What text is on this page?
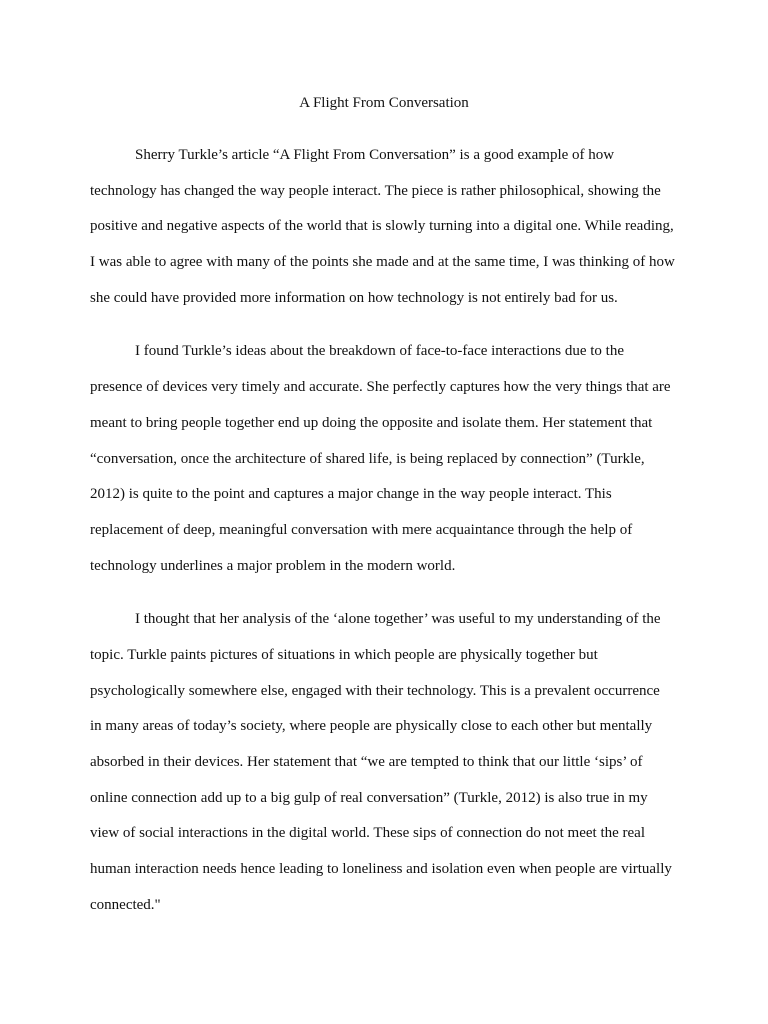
A Flight From Conversation
Sherry Turkle’s article “A Flight From Conversation” is a good example of how
technology has changed the way people interact. The piece is rather philosophical, showing the
positive and negative aspects of the world that is slowly turning into a digital one. While reading,
I was able to agree with many of the points she made and at the same time, I was thinking of how
she could have provided more information on how technology is not entirely bad for us.
I found Turkle’s ideas about the breakdown of face-to-face interactions due to the
presence of devices very timely and accurate. She perfectly captures how the very things that are
meant to bring people together end up doing the opposite and isolate them. Her statement that
“conversation, once the architecture of shared life, is being replaced by connection” (Turkle,
2012) is quite to the point and captures a major change in the way people interact. This
replacement of deep, meaningful conversation with mere acquaintance through the help of
technology underlines a major problem in the modern world.
I thought that her analysis of the ‘alone together’ was useful to my understanding of the
topic. Turkle paints pictures of situations in which people are physically together but
psychologically somewhere else, engaged with their technology. This is a prevalent occurrence
in many areas of today’s society, where people are physically close to each other but mentally
absorbed in their devices. Her statement that “we are tempted to think that our little ‘sips’ of
online connection add up to a big gulp of real conversation” (Turkle, 2012) is also true in my
view of social interactions in the digital world. These sips of connection do not meet the real
human interaction needs hence leading to loneliness and isolation even when people are virtually
connected."
